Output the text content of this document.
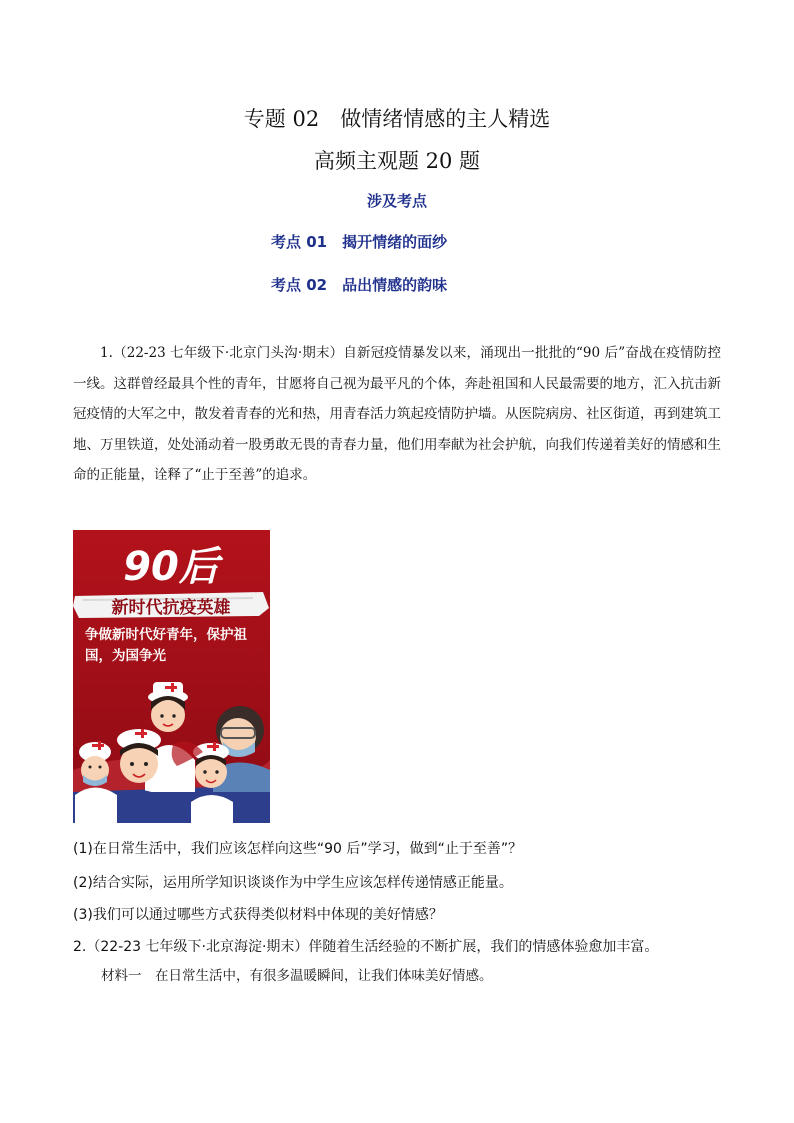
专题 02　做情绪情感的主人精选
高频主观题 20 题
涉及考点
考点 01　揭开情绪的面纱
考点 02　品出情感的韵味
1.（22-23 七年级下·北京门头沟·期末）自新冠疫情暴发以来，涌现出一批批的“90 后”奋战在疫情防控一线。这群曾经最具个性的青年，甘愿将自己视为最平凡的个体，奔赴祖国和人民最需要的地方，汇入抗击新冠疫情的大军之中，散发着青春的光和热，用青春活力筑起疫情防护墙。从医院病房、社区街道，再到建筑工地、万里铁道，处处涌动着一股勇敢无畏的青春力量，他们用奉献为社会护航，向我们传递着美好的情感和生命的正能量，诠释了“止于至善”的追求。
90后
新时代抗疫英雄
争做新时代好青年，保护祖国，为国争光
(1)在日常生活中，我们应该怎样向这些“90 后”学习，做到“止于至善”？
(2)结合实际，运用所学知识谈谈作为中学生应该怎样传递情感正能量。
(3)我们可以通过哪些方式获得类似材料中体现的美好情感？
2.（22-23 七年级下·北京海淀·期末）伴随着生活经验的不断扩展，我们的情感体验愈加丰富。
材料一　在日常生活中，有很多温暖瞬间，让我们体味美好情感。
